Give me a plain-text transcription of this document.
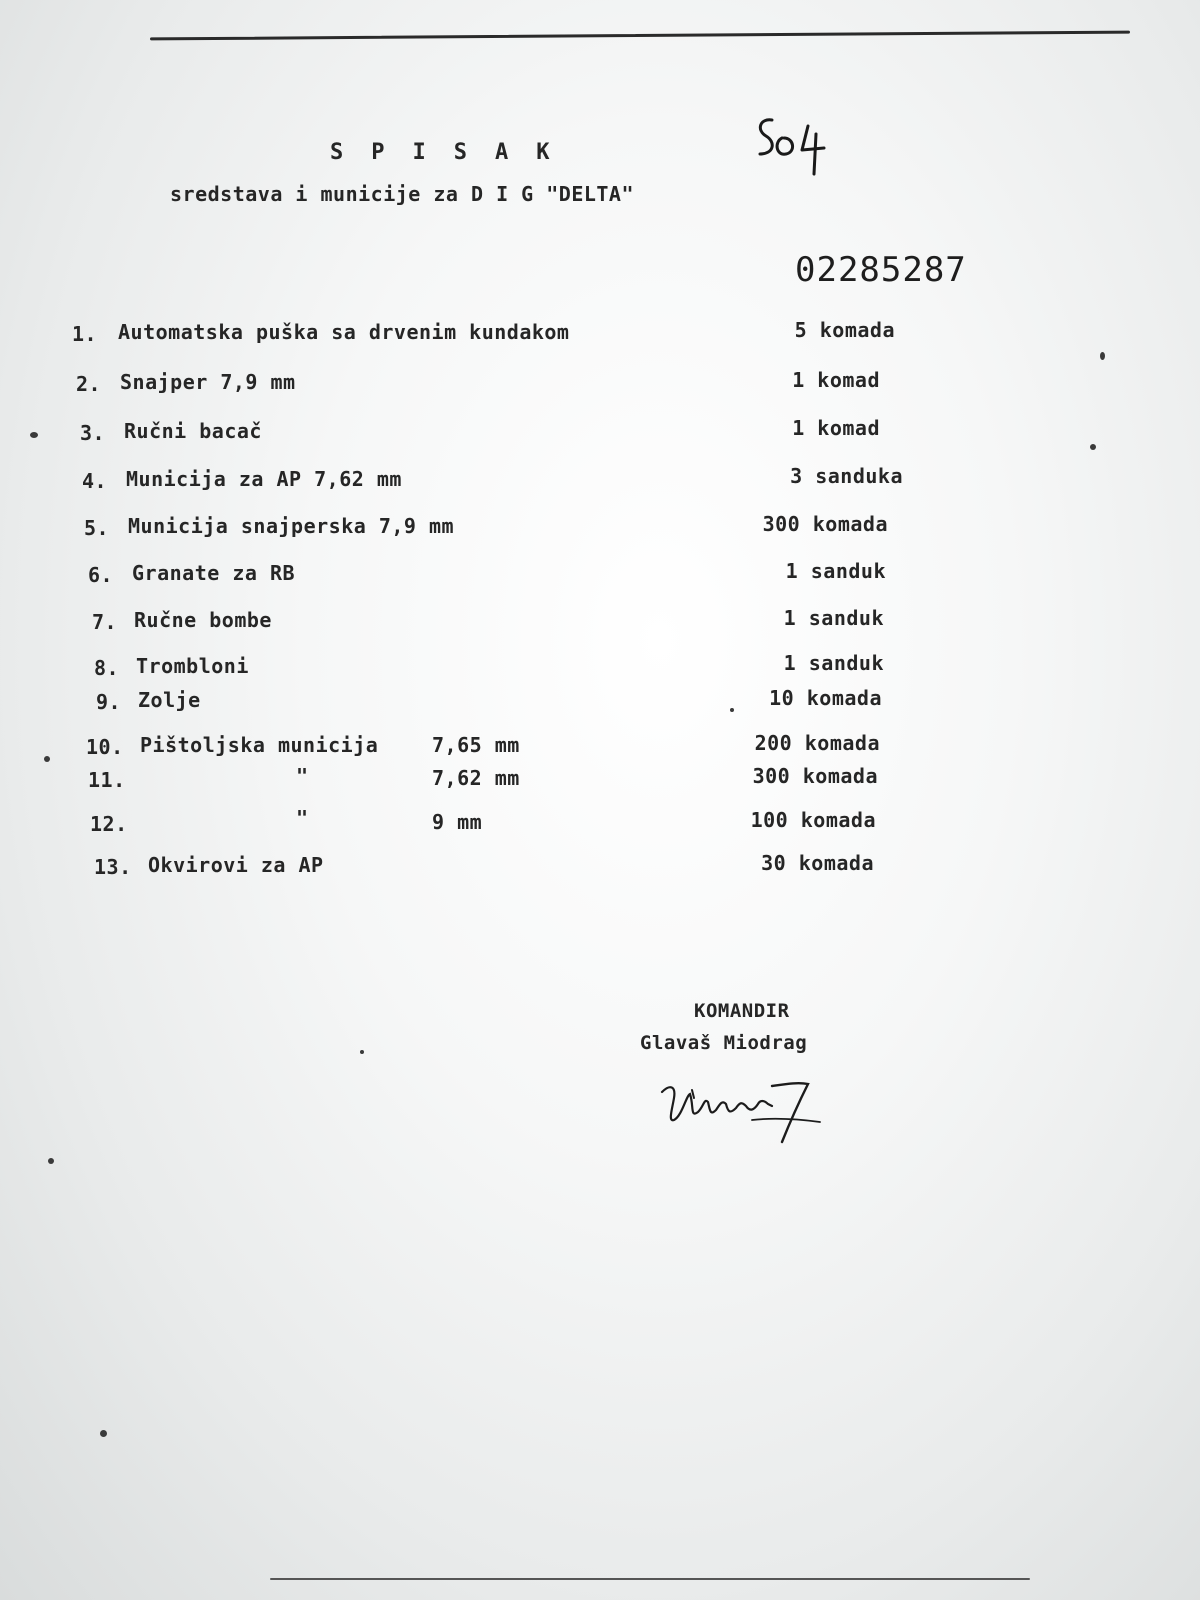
SPISAK
sredstava i municije za D I G "DELTA"
02285287
1. Automatska puška sa drvenim kundakom	5 komada
2. Snajper 7,9 mm	1 komad
3. Ručni bacač	1 komad
4. Municija za AP 7,62 mm	3 sanduka
5. Municija snajperska 7,9 mm	300 komada
6. Granate za RB	1 sanduk
7. Ručne bombe	1 sanduk
8. Trombloni	1 sanduk
9. Zolje	10 komada
10. Pištoljska municija	7,65 mm	200 komada
11.	"	7,62 mm	300 komada
12.	"	9 mm	100 komada
13. Okvirovi za AP	30 komada
KOMANDIR
Glavaš Miodrag
